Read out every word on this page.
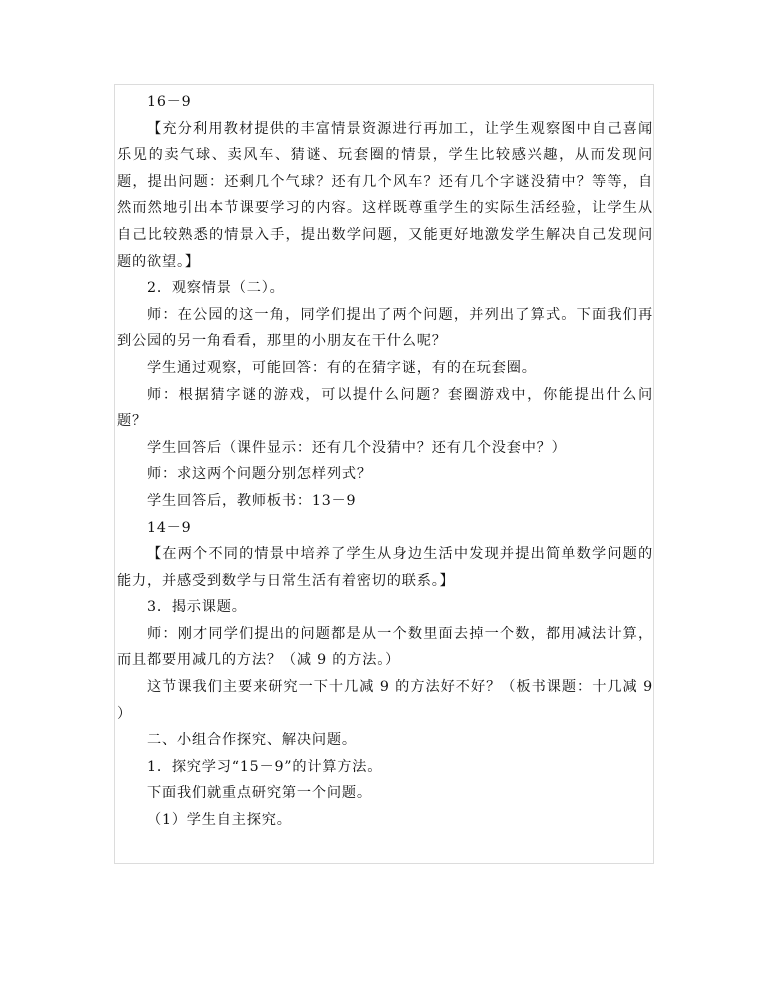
16－9

【充分利用教材提供的丰富情景资源进行再加工，让学生观察图中自己喜闻乐见的卖气球、卖风车、猜谜、玩套圈的情景，学生比较感兴趣，从而发现问题，提出问题：还剩几个气球？还有几个风车？还有几个字谜没猜中？等等，自然而然地引出本节课要学习的内容。这样既尊重学生的实际生活经验，让学生从自己比较熟悉的情景入手，提出数学问题，又能更好地激发学生解决自己发现问题的欲望。】

2．观察情景（二）。

师：在公园的这一角，同学们提出了两个问题，并列出了算式。下面我们再到公园的另一角看看，那里的小朋友在干什么呢？

学生通过观察，可能回答：有的在猜字谜，有的在玩套圈。

师：根据猜字谜的游戏，可以提什么问题？套圈游戏中，你能提出什么问题？

学生回答后（课件显示：还有几个没猜中？还有几个没套中？）

师：求这两个问题分别怎样列式？

学生回答后，教师板书：13－9

14－9

【在两个不同的情景中培养了学生从身边生活中发现并提出简单数学问题的能力，并感受到数学与日常生活有着密切的联系。】

3．揭示课题。

师：刚才同学们提出的问题都是从一个数里面去掉一个数，都用减法计算，而且都要用减几的方法？（减 9 的方法。）

这节课我们主要来研究一下十几减 9 的方法好不好？（板书课题：十几减 9 ）

二、小组合作探究、解决问题。

1．探究学习“15－9”的计算方法。

下面我们就重点研究第一个问题。

（1）学生自主探究。
